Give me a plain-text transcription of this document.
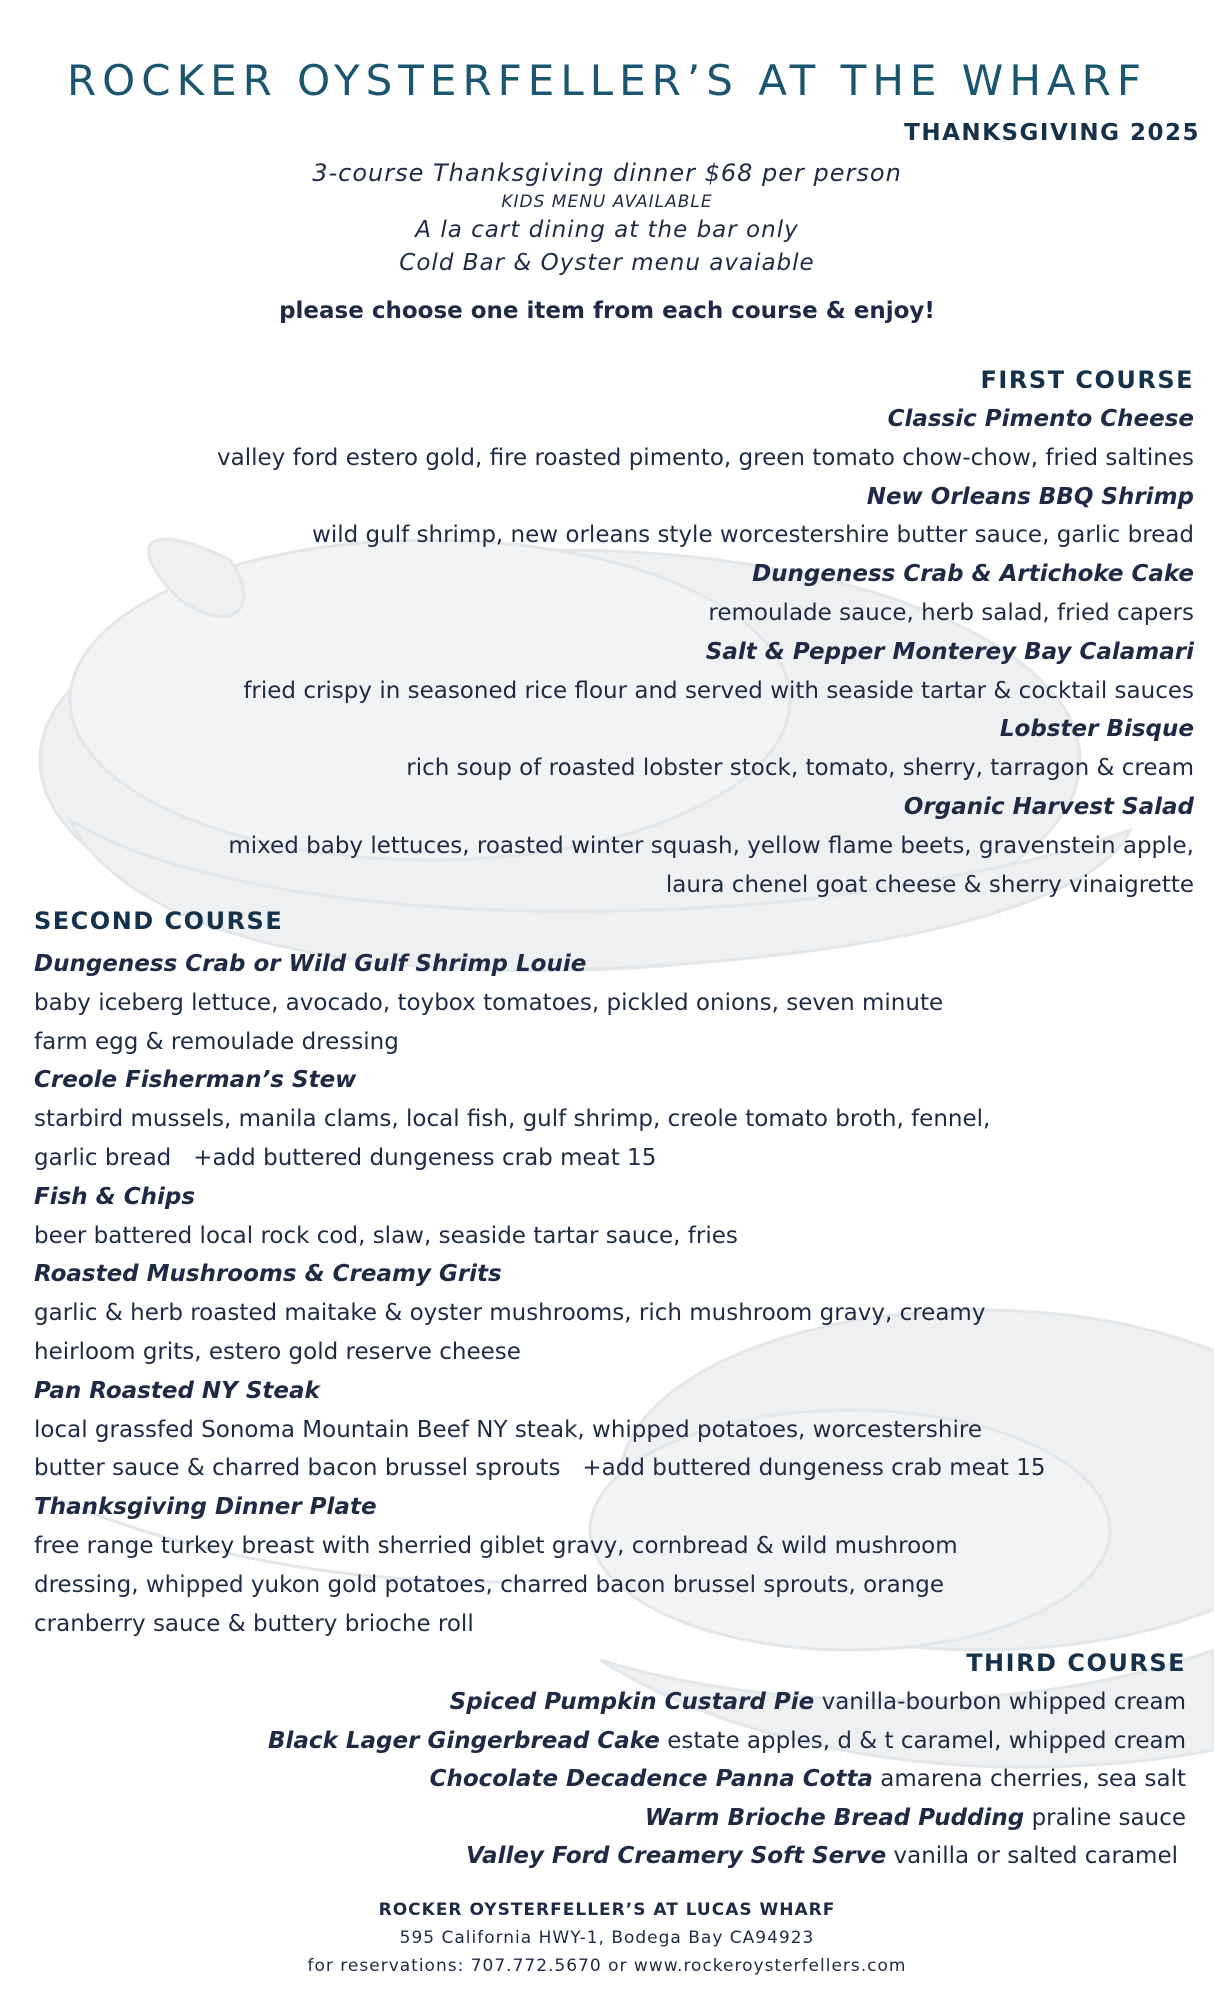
ROCKER OYSTERFELLER’S AT THE WHARF
THANKSGIVING 2025
3-course Thanksgiving dinner $68 per person
KIDS MENU AVAILABLE
A la cart dining at the bar only
Cold Bar & Oyster menu avaiable
please choose one item from each course & enjoy!
FIRST COURSE
Classic Pimento Cheese
valley ford estero gold, fire roasted pimento, green tomato chow-chow, fried saltines
New Orleans BBQ Shrimp
wild gulf shrimp, new orleans style worcestershire butter sauce, garlic bread
Dungeness Crab & Artichoke Cake
remoulade sauce, herb salad, fried capers
Salt & Pepper Monterey Bay Calamari
fried crispy in seasoned rice flour and served with seaside tartar & cocktail sauces
Lobster Bisque
rich soup of roasted lobster stock, tomato, sherry, tarragon & cream
Organic Harvest Salad
mixed baby lettuces, roasted winter squash, yellow flame beets, gravenstein apple,
laura chenel goat cheese & sherry vinaigrette
SECOND COURSE
Dungeness Crab or Wild Gulf Shrimp Louie
baby iceberg lettuce, avocado, toybox tomatoes, pickled onions, seven minute
farm egg & remoulade dressing
Creole Fisherman’s Stew
starbird mussels, manila clams, local fish, gulf shrimp, creole tomato broth, fennel,
garlic bread   +add buttered dungeness crab meat 15
Fish & Chips
beer battered local rock cod, slaw, seaside tartar sauce, fries
Roasted Mushrooms & Creamy Grits
garlic & herb roasted maitake & oyster mushrooms, rich mushroom gravy, creamy
heirloom grits, estero gold reserve cheese
Pan Roasted NY Steak
local grassfed Sonoma Mountain Beef NY steak, whipped potatoes, worcestershire
butter sauce & charred bacon brussel sprouts   +add buttered dungeness crab meat 15
Thanksgiving Dinner Plate
free range turkey breast with sherried giblet gravy, cornbread & wild mushroom
dressing, whipped yukon gold potatoes, charred bacon brussel sprouts, orange
cranberry sauce & buttery brioche roll
THIRD COURSE
Spiced Pumpkin Custard Pie vanilla-bourbon whipped cream
Black Lager Gingerbread Cake estate apples, d & t caramel, whipped cream
Chocolate Decadence Panna Cotta amarena cherries, sea salt
Warm Brioche Bread Pudding praline sauce
Valley Ford Creamery Soft Serve vanilla or salted caramel
ROCKER OYSTERFELLER’S AT LUCAS WHARF
595 California HWY-1, Bodega Bay CA94923
for reservations: 707.772.5670 or www.rockeroysterfellers.com
